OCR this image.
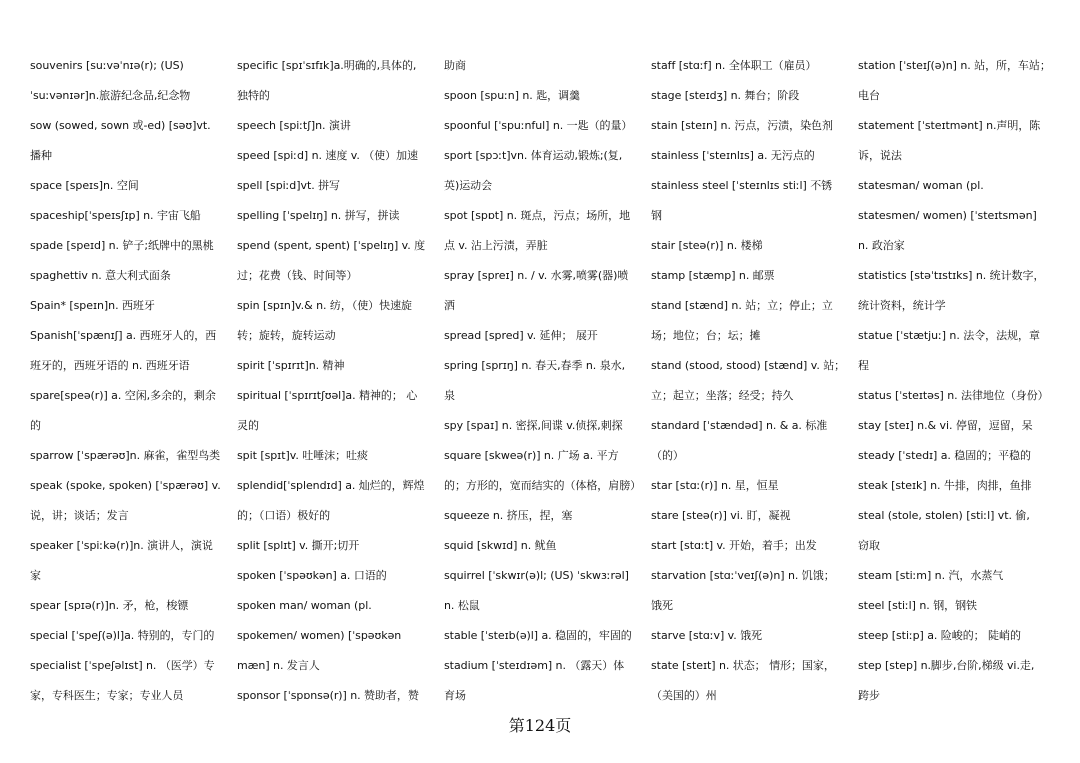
souvenirs [suːvəˈnɪə(r); (US)
ˈsuːvənɪər]n.旅游纪念品,纪念物
sow (sowed, sown 或-ed) [səʊ]vt.
播种
space [speɪs]n. 空间
spaceship[ˈspeɪsʃɪp] n. 宇宙飞船
spade [speɪd] n. 铲子;纸牌中的黑桃
spaghettiv n. 意大利式面条
Spain* [speɪn]n. 西班牙
Spanish[ˈspænɪʃ] a. 西班牙人的，西
班牙的，西班牙语的 n. 西班牙语
spare[speə(r)] a. 空闲,多余的，剩余
的
sparrow [ˈspærəʊ]n. 麻雀，雀型鸟类
speak (spoke, spoken) [ˈspærəʊ] v.
说，讲；谈话；发言
speaker [ˈspiːkə(r)]n. 演讲人，演说
家
spear [spɪə(r)]n. 矛，枪，梭镖
special [ˈspeʃ(ə)l]a. 特别的，专门的
specialist [ˈspeʃəlɪst] n. （医学）专
家，专科医生；专家；专业人员
specific [spɪˈsɪfɪk]a.明确的,具体的,
独特的
speech [spiːtʃ]n. 演讲
speed [spiːd] n. 速度 v. （使）加速
spell [spiːd]vt. 拼写
spelling [ˈspelɪŋ] n. 拼写，拼读
spend (spent, spent) [ˈspelɪŋ] v. 度
过；花费（钱、时间等）
spin [spɪn]v.& n. 纺，（使）快速旋
转；旋转，旋转运动
spirit [ˈspɪrɪt]n. 精神
spiritual [ˈspɪrɪtʃʊəl]a. 精神的； 心
灵的
spit [spɪt]v. 吐唾沫；吐痰
splendid[ˈsplendɪd] a. 灿烂的，辉煌
的；（口语）极好的
split [splɪt] v. 撕开;切开
spoken [ˈspəʊkən] a. 口语的
spoken man/ woman (pl.
spokemen/ women) [ˈspəʊkən
mæn] n. 发言人
sponsor [ˈspɒnsə(r)] n. 赞助者，赞
助商
spoon [spuːn] n. 匙，调羹
spoonful [ˈspuːnful] n. 一匙（的量）
sport [spɔːt]vn. 体育运动,锻炼;(复,
英)运动会
spot [spɒt] n. 斑点，污点；场所，地
点 v. 沾上污渍，弄脏
spray [spreɪ] n. / v. 水雾,喷雾(器)喷
洒
spread [spred] v. 延伸； 展开
spring [sprɪŋ] n. 春天,春季 n. 泉水,
泉
spy [spaɪ] n. 密探,间谍 v.侦探,刺探
square [skweə(r)] n. 广场 a. 平方
的；方形的，宽而结实的（体格，肩膀）
squeeze n. 挤压，捏，塞
squid [skwɪd] n. 鱿鱼
squirrel [ˈskwɪr(ə)l; (US) ˈskwɜːrəl]
n. 松鼠
stable [ˈsteɪb(ə)l] a. 稳固的，牢固的
stadium [ˈsteɪdɪəm] n. （露天）体
育场
staff [stɑːf] n. 全体职工（雇员）
stage [steɪdʒ] n. 舞台；阶段
stain [steɪn] n. 污点，污渍，染色剂
stainless [ˈsteɪnlɪs] a. 无污点的
stainless steel [ˈsteɪnlɪs stiːl] 不锈
钢
stair [steə(r)] n. 楼梯
stamp [stæmp] n. 邮票
stand [stænd] n. 站；立；停止；立
场；地位；台；坛；摊
stand (stood, stood) [stænd] v. 站；
立；起立；坐落；经受；持久
standard [ˈstændəd] n. & a. 标准
（的）
star [stɑː(r)] n. 星，恒星
stare [steə(r)] vi. 盯，凝视
start [stɑːt] v. 开始，着手；出发
starvation [stɑːˈveɪʃ(ə)n] n. 饥饿；
饿死
starve [stɑːv] v. 饿死
state [steɪt] n. 状态； 情形；国家，
（美国的）州
station [ˈsteɪʃ(ə)n] n. 站，所，车站；
电台
statement [ˈsteɪtmənt] n.声明，陈
诉，说法
statesman/ woman (pl.
statesmen/ women) [ˈsteɪtsmən]
n. 政治家
statistics [stəˈtɪstɪks] n. 统计数字，
统计资料，统计学
statue [ˈstætjuː] n. 法令，法规，章
程
status [ˈsteɪtəs] n. 法律地位（身份）
stay [steɪ] n.& vi. 停留，逗留，呆
steady [ˈstedɪ] a. 稳固的；平稳的
steak [steɪk] n. 牛排，肉排，鱼排
steal (stole, stolen) [stiːl] vt. 偷,
窃取
steam [stiːm] n. 汽，水蒸气
steel [stiːl] n. 钢，钢铁
steep [stiːp] a. 险峻的； 陡峭的
step [step] n.脚步,台阶,梯级 vi.走,
跨步
第124页
